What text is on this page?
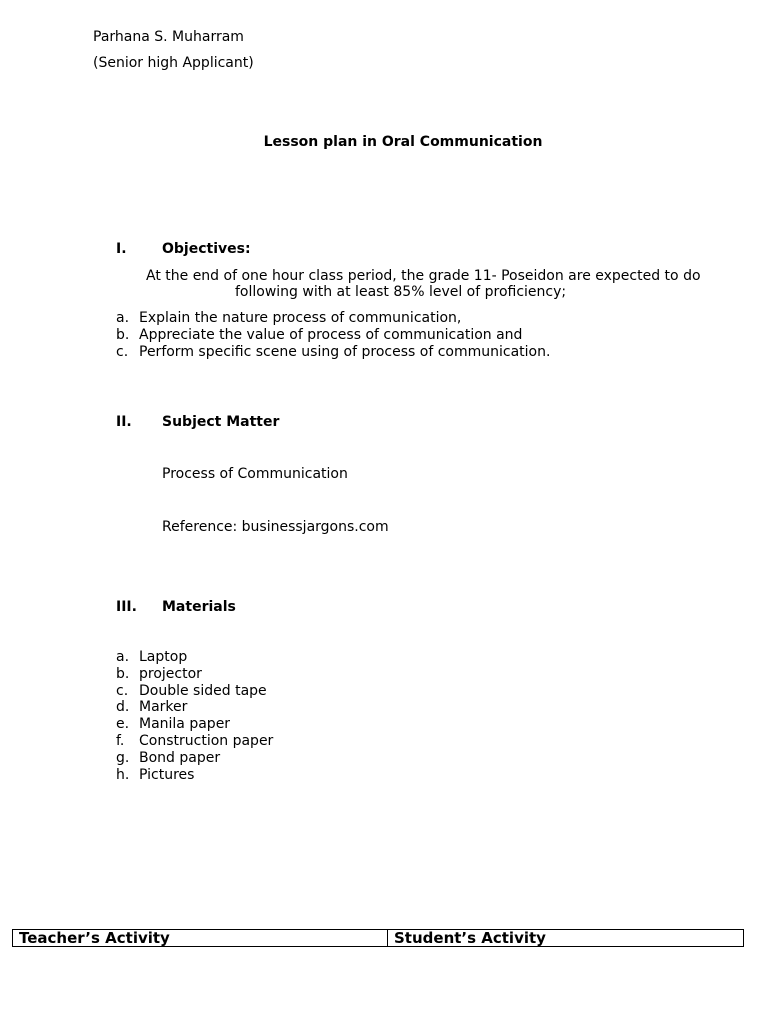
Parhana S. Muharram
(Senior high Applicant)
Lesson plan in Oral Communication
I.	Objectives:
At the end of one hour class period, the grade 11- Poseidon are expected to do
following with at least 85% level of proficiency;
a. Explain the nature process of communication,
b. Appreciate the value of process of communication and
c. Perform specific scene using of process of communication.
II. Subject Matter
Process of Communication
Reference: businessjargons.com
III. Materials
a. Laptop
b. projector
c. Double sided tape
d. Marker
e. Manila paper
f. Construction paper
g. Bond paper
h. Pictures
Teacher’s Activity	Student’s Activity
